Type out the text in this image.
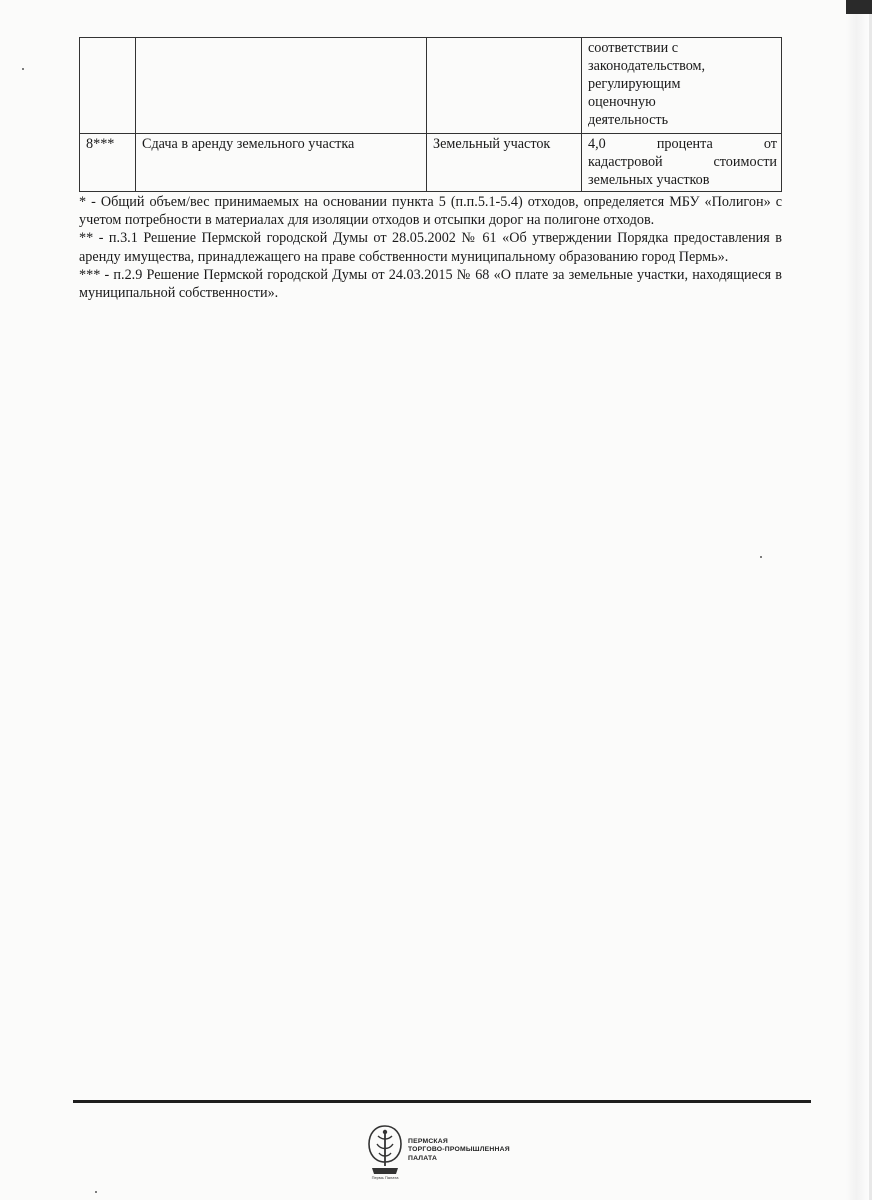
			соответствии с
законодательством,
регулирующим
оценочную
деятельность

8***	Сдача в аренду земельного участка	Земельный участок	4,0 процента от
кадастровой стоимости
земельных участков

* - Общий объем/вес принимаемых на основании пункта 5 (п.п.5.1-5.4) отходов, определяется МБУ «Полигон» с учетом потребности в материалах для изоляции отходов и отсыпки дорог на полигоне отходов.

** - п.3.1 Решение Пермской городской Думы от 28.05.2002 № 61 «Об утверждении Порядка предоставления в аренду имущества, принадлежащего на праве собственности муниципальному образованию город Пермь».

*** - п.2.9 Решение Пермской городской Думы от 24.03.2015 № 68 «О плате за земельные участки, находящиеся в муниципальной собственности».

Пермь Палата
ПЕРМСКАЯ
ТОРГОВО-ПРОМЫШЛЕННАЯ
ПАЛАТА
